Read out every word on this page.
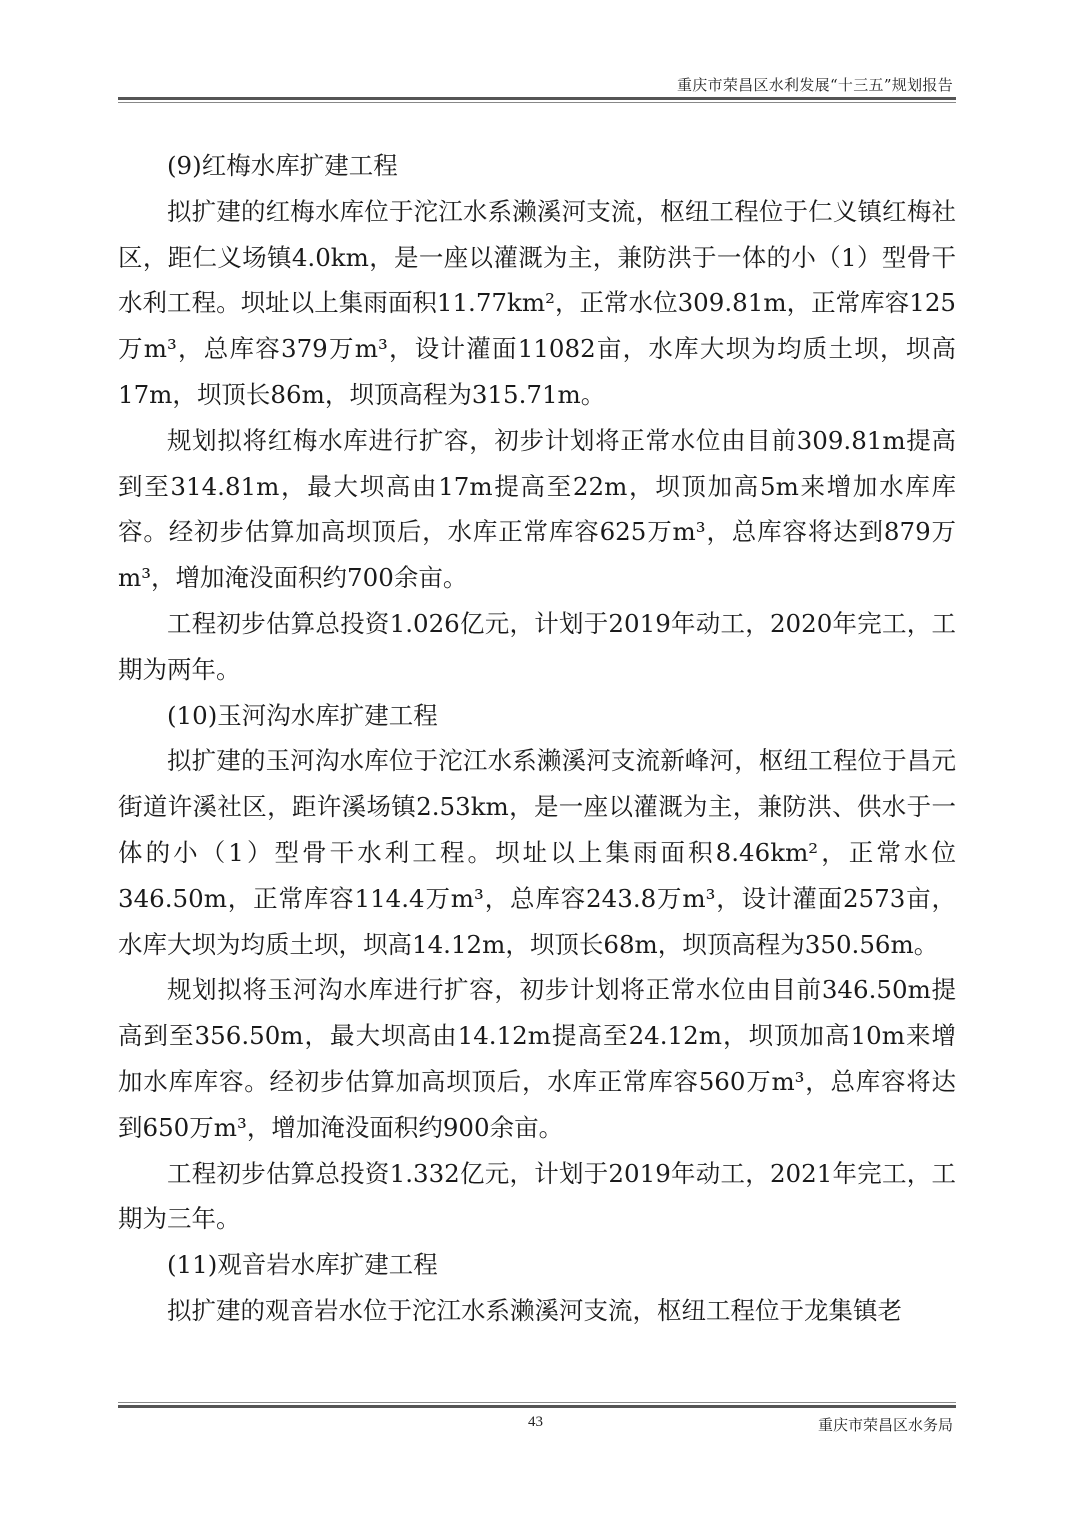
重庆市荣昌区水利发展“十三五”规划报告

(9)红梅水库扩建工程

拟扩建的红梅水库位于沱江水系濑溪河支流，枢纽工程位于仁义镇红梅社区，距仁义场镇4.0km，是一座以灌溉为主，兼防洪于一体的小（1）型骨干水利工程。坝址以上集雨面积11.77km²，正常水位309.81m，正常库容125万m³，总库容379万m³，设计灌面11082亩，水库大坝为均质土坝，坝高17m，坝顶长86m，坝顶高程为315.71m。

规划拟将红梅水库进行扩容，初步计划将正常水位由目前309.81m提高到至314.81m，最大坝高由17m提高至22m，坝顶加高5m来增加水库库容。经初步估算加高坝顶后，水库正常库容625万m³，总库容将达到879万m³，增加淹没面积约700余亩。

工程初步估算总投资1.026亿元，计划于2019年动工，2020年完工，工期为两年。

(10)玉河沟水库扩建工程

拟扩建的玉河沟水库位于沱江水系濑溪河支流新峰河，枢纽工程位于昌元街道许溪社区，距许溪场镇2.53km，是一座以灌溉为主，兼防洪、供水于一体的小（1）型骨干水利工程。坝址以上集雨面积8.46km²，正常水位346.50m，正常库容114.4万m³，总库容243.8万m³，设计灌面2573亩，水库大坝为均质土坝，坝高14.12m，坝顶长68m，坝顶高程为350.56m。

规划拟将玉河沟水库进行扩容，初步计划将正常水位由目前346.50m提高到至356.50m，最大坝高由14.12m提高至24.12m，坝顶加高10m来增加水库库容。经初步估算加高坝顶后，水库正常库容560万m³，总库容将达到650万m³，增加淹没面积约900余亩。

工程初步估算总投资1.332亿元，计划于2019年动工，2021年完工，工期为三年。

(11)观音岩水库扩建工程

拟扩建的观音岩水位于沱江水系濑溪河支流，枢纽工程位于龙集镇老

43	重庆市荣昌区水务局
